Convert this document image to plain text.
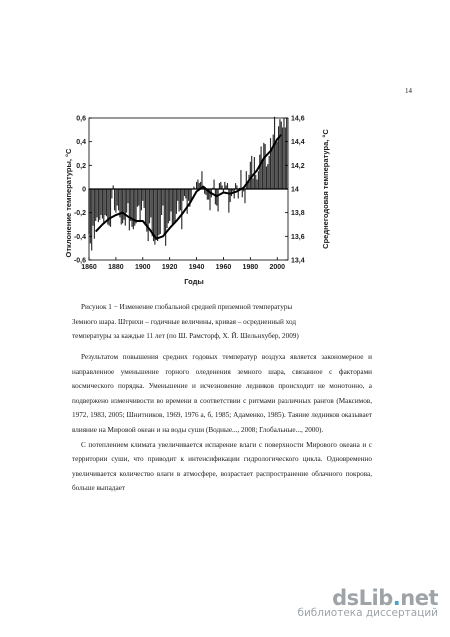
14
0,6
0,4
0,2
0
-0,2
-0,4
-0,6
14,6
14,4
14,2
14
13,8
13,6
13,4
1860 1880 1900 1920 1940 1960 1980 2000
Отклонение температуры, °С	Среднегодовая температура, °С
Годы

Рисунок 1 − Изменение глобальной средней приземной температуры

Земного шара. Штрихи – годичные величины, кривая – осредненный ход

температуры за каждые 11 лет (по Ш. Рамсторф, Х. Й. Шельнхубер, 2009)

Результатом повышения средних годовых температур воздуха является закономерное и направленное уменьшение горного оледенения земного шара, связанное с факторами космического порядка. Уменьшение и исчезновение ледников происходит не монотонно, а подвержено изменчивости во времени в соответствии с ритмами различных рангов (Максимов, 1972, 1983, 2005; Шнитников, 1969, 1976 а, б, 1985; Адаменко, 1985). Таяние ледников оказывает влияние на Мировой океан и на воды суши (Водные..., 2008; Глобальные..., 2000).

С потеплением климата увеличивается испарение влаги с поверхности Мирового океана и с территории суши, что приводит к интенсификации гидрологического цикла. Одновременно увеличивается количество влаги в атмосфере, возрастает распространение облачного покрова, больше выпадает

dsLib.net
библиотека диссертаций
